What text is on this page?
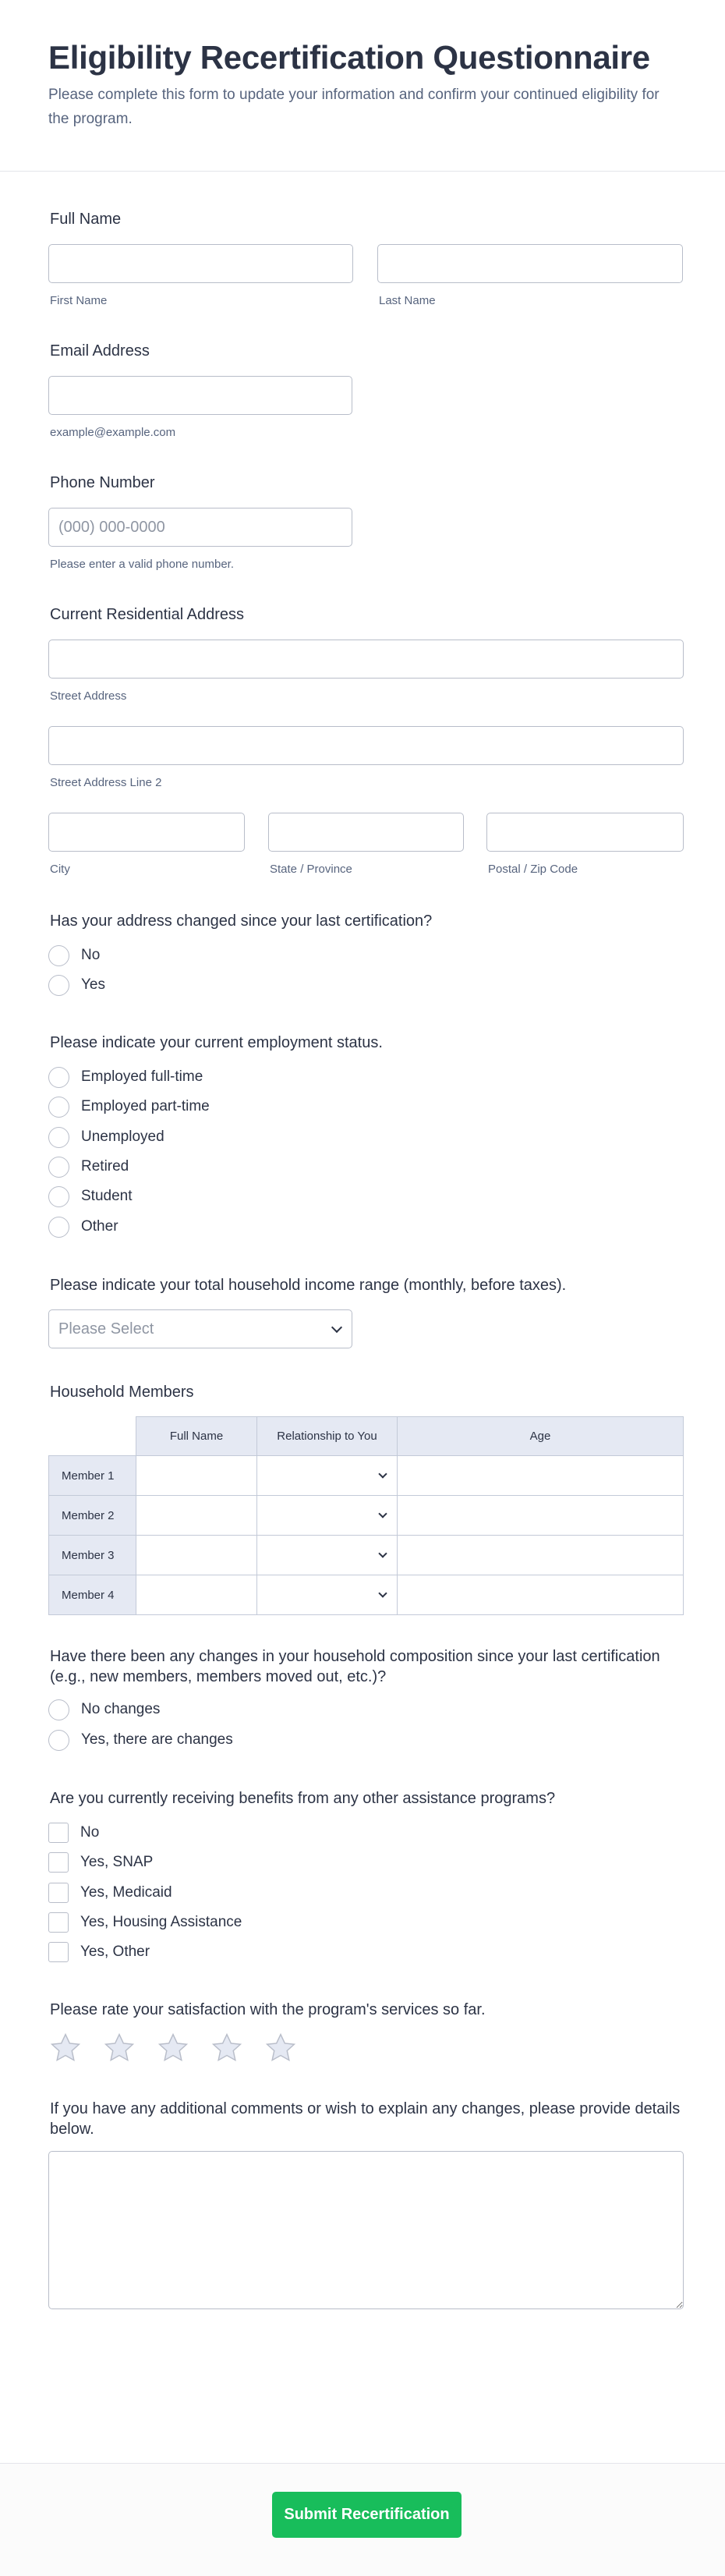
Eligibility Recertification Questionnaire

Please complete this form to update your information and confirm your continued eligibility for the program.

Full Name
First Name	Last Name
Email Address
example@example.com
Phone Number
(000) 000-0000
Please enter a valid phone number.
Current Residential Address
Street Address
Street Address Line 2
City	State / Province	Postal / Zip Code
Has your address changed since your last certification?
No
Yes
Please indicate your current employment status.
Employed full-time
Employed part-time
Unemployed
Retired
Student
Other
Please indicate your total household income range (monthly, before taxes).
Please Select
Household Members
	Full Name	Relationship to You	Age
Member 1		

Member 2		

Member 3		

Member 4		

Have there been any changes in your household composition since your last certification (e.g., new members, members moved out, etc.)?
No changes
Yes, there are changes
Are you currently receiving benefits from any other assistance programs?
No
Yes, SNAP
Yes, Medicaid
Yes, Housing Assistance
Yes, Other
Please rate your satisfaction with the program's services so far.
If you have any additional comments or wish to explain any changes, please provide details below.
Submit Recertification
